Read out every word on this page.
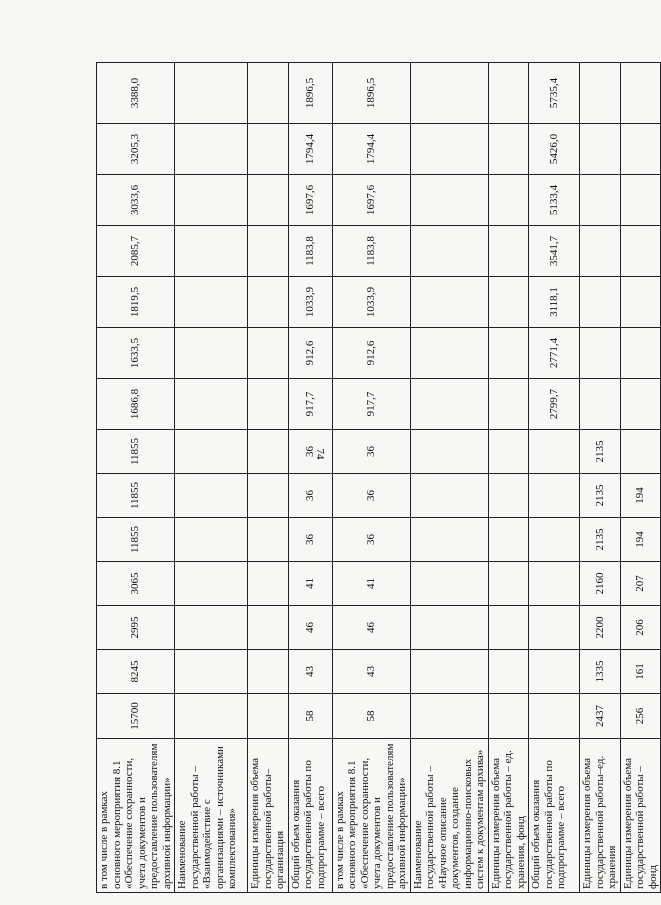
74
в том числе в рамках основного мероприятия 8.1 «Обеспечение сохранности, учета документов и предоставление пользователям архивной информации»	15700	8245	2995	3065	11855	11855	11855	1686,8	1633,5	1819,5	2085,7	3033,6	3205,3	3388,0
Наименование государственной работы – «Взаимодействие с организациями – источниками комплектования»														
Единицы измерения объема государственной работы–организация														
Общий объем оказания государственной работы по подпрограмме – всего	58	43	46	41	36	36	36	917,7	912,6	1033,9	1183,8	1697,6	1794,4	1896,5
в том числе в рамках основного мероприятия 8.1 «Обеспечение сохранности, учета документов и предоставление пользователям архивной информации»	58	43	46	41	36	36	36	917,7	912,6	1033,9	1183,8	1697,6	1794,4	1896,5
Наименование государственной работы – «Научное описание документов, создание информационно-поисковых систем к документам архива»														
Единицы измерения объема государственной работы – ед. хранения, фонд														
Общий объем оказания государственной работы по подпрограмме – всего								2799,7	2771,4	3118,1	3541,7	5133,4	5426,0	5735,4
Единицы измерения объема государственной работы–ед. хранения	2437	1335	2200	2160	2135	2135	2135							
Единицы измерения объема государственной работы – фонд	256	161	206	207	194	194								
